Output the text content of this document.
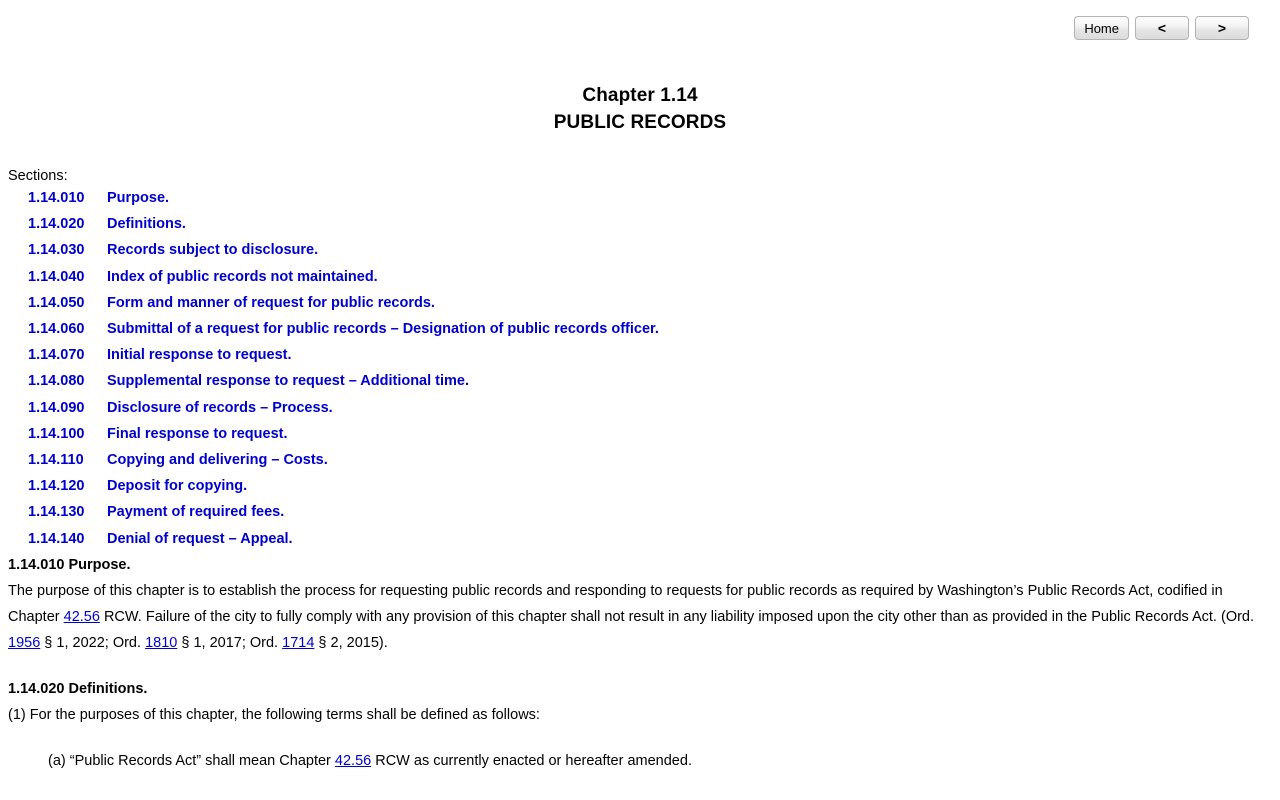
Home	<	>
Chapter 1.14
PUBLIC RECORDS

Sections:

1.14.010	Purpose.
1.14.020	Definitions.
1.14.030	Records subject to disclosure.
1.14.040	Index of public records not maintained.
1.14.050	Form and manner of request for public records.
1.14.060	Submittal of a request for public records – Designation of public records officer.
1.14.070	Initial response to request.
1.14.080	Supplemental response to request – Additional time.
1.14.090	Disclosure of records – Process.
1.14.100	Final response to request.
1.14.110	Copying and delivering – Costs.
1.14.120	Deposit for copying.
1.14.130	Payment of required fees.
1.14.140	Denial of request – Appeal.
1.14.010 Purpose.

The purpose of this chapter is to establish the process for requesting public records and responding to requests for public records as required by Washington’s Public Records Act, codified in Chapter 42.56 RCW. Failure of the city to fully comply with any provision of this chapter shall not result in any liability imposed upon the city other than as provided in the Public Records Act. (Ord. 1956 § 1, 2022; Ord. 1810 § 1, 2017; Ord. 1714 § 2, 2015).

1.14.020 Definitions.

(1) For the purposes of this chapter, the following terms shall be defined as follows:

(a) “Public Records Act” shall mean Chapter 42.56 RCW as currently enacted or hereafter amended.
